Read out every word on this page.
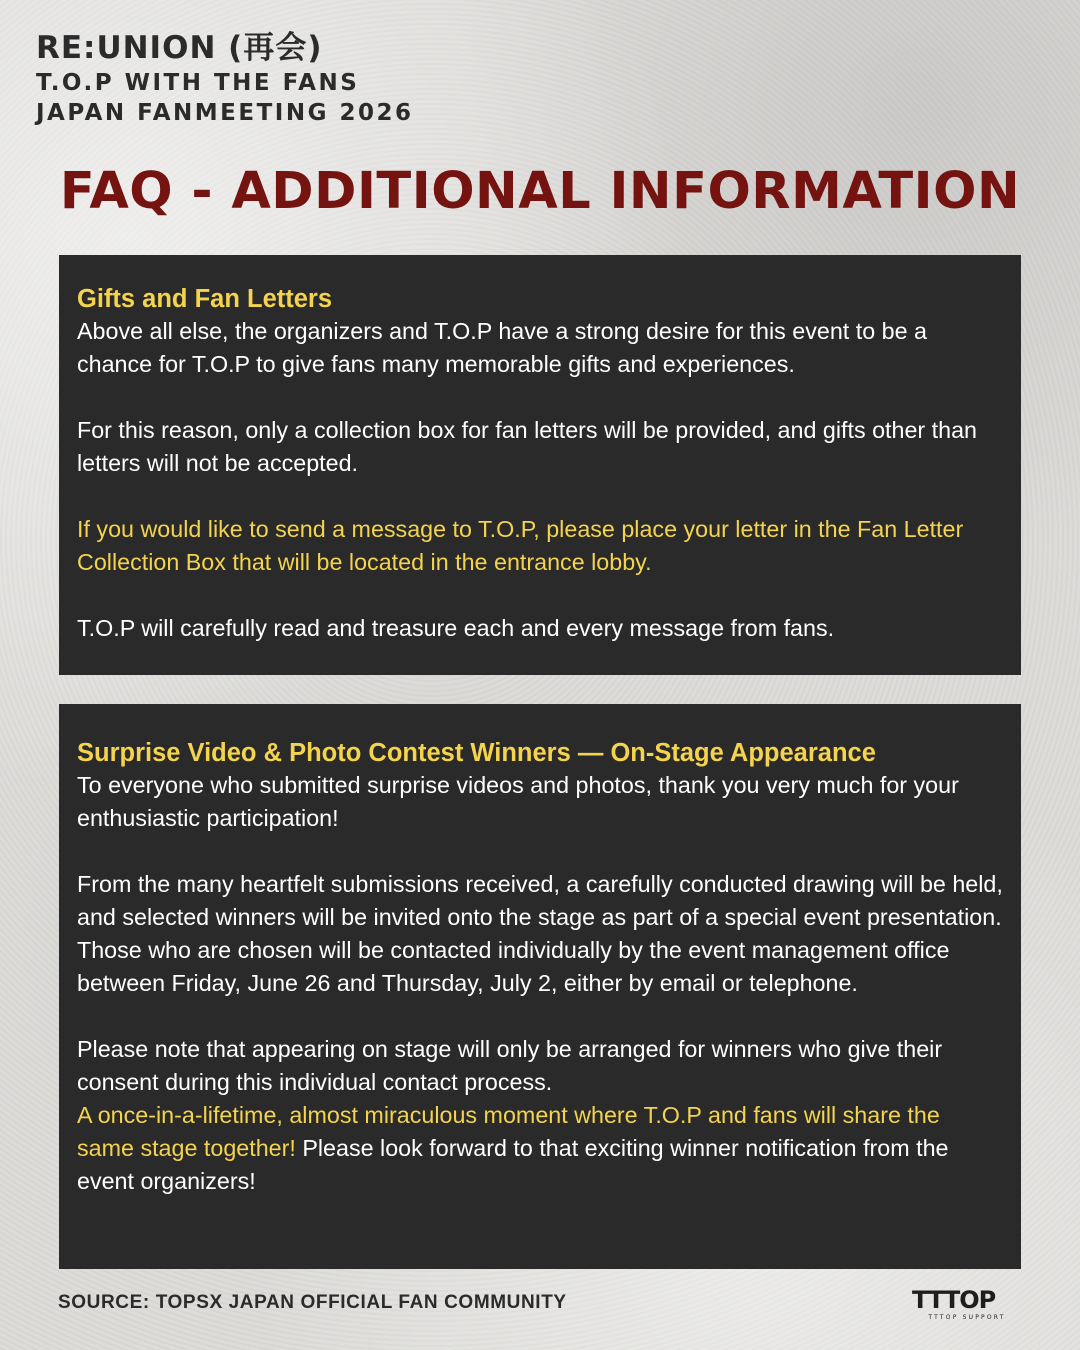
RE:UNION (再会)
T.O.P WITH THE FANS
JAPAN FANMEETING 2026
FAQ - ADDITIONAL INFORMATION
Gifts and Fan Letters

Above all else, the organizers and T.O.P have a strong desire for this event to be a chance for T.O.P to give fans many memorable gifts and experiences.

For this reason, only a collection box for fan letters will be provided, and gifts other than letters will not be accepted.

If you would like to send a message to T.O.P, please place your letter in the Fan Letter Collection Box that will be located in the entrance lobby.

T.O.P will carefully read and treasure each and every message from fans.

Surprise Video & Photo Contest Winners — On-Stage Appearance

To everyone who submitted surprise videos and photos, thank you very much for your enthusiastic participation!

From the many heartfelt submissions received, a carefully conducted drawing will be held, and selected winners will be invited onto the stage as part of a special event presentation. Those who are chosen will be contacted individually by the event management office between Friday, June 26 and Thursday, July 2, either by email or telephone.

Please note that appearing on stage will only be arranged for winners who give their consent during this individual contact process.

A once-in-a-lifetime, almost miraculous moment where T.O.P and fans will share the same stage together! Please look forward to that exciting winner notification from the event organizers!

SOURCE: TOPSX JAPAN OFFICIAL FAN COMMUNITY	TTTOP
TTTOP SUPPORT
